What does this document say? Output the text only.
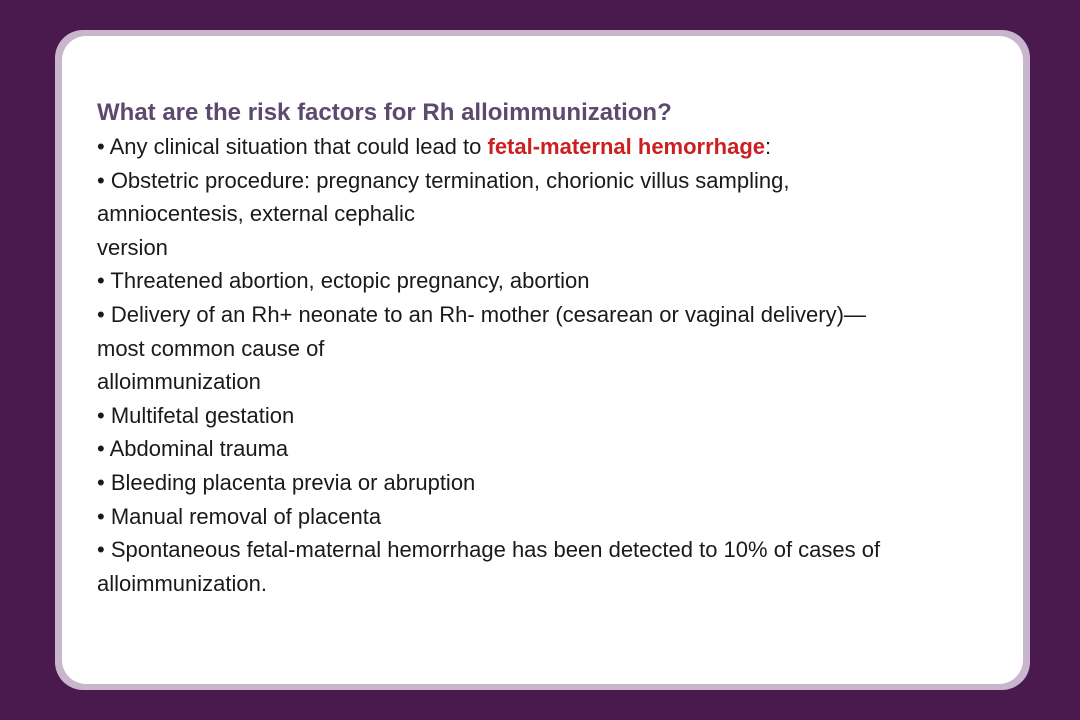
What are the risk factors for Rh alloimmunization?
• Any clinical situation that could lead to fetal-maternal hemorrhage:
• Obstetric procedure: pregnancy termination, chorionic villus sampling,
amniocentesis, external cephalic
version
• Threatened abortion, ectopic pregnancy, abortion
• Delivery of an Rh+ neonate to an Rh- mother (cesarean or vaginal delivery)—
most common cause of
alloimmunization
• Multifetal gestation
• Abdominal trauma
• Bleeding placenta previa or abruption
• Manual removal of placenta
• Spontaneous fetal-maternal hemorrhage has been detected to 10% of cases of
alloimmunization.
